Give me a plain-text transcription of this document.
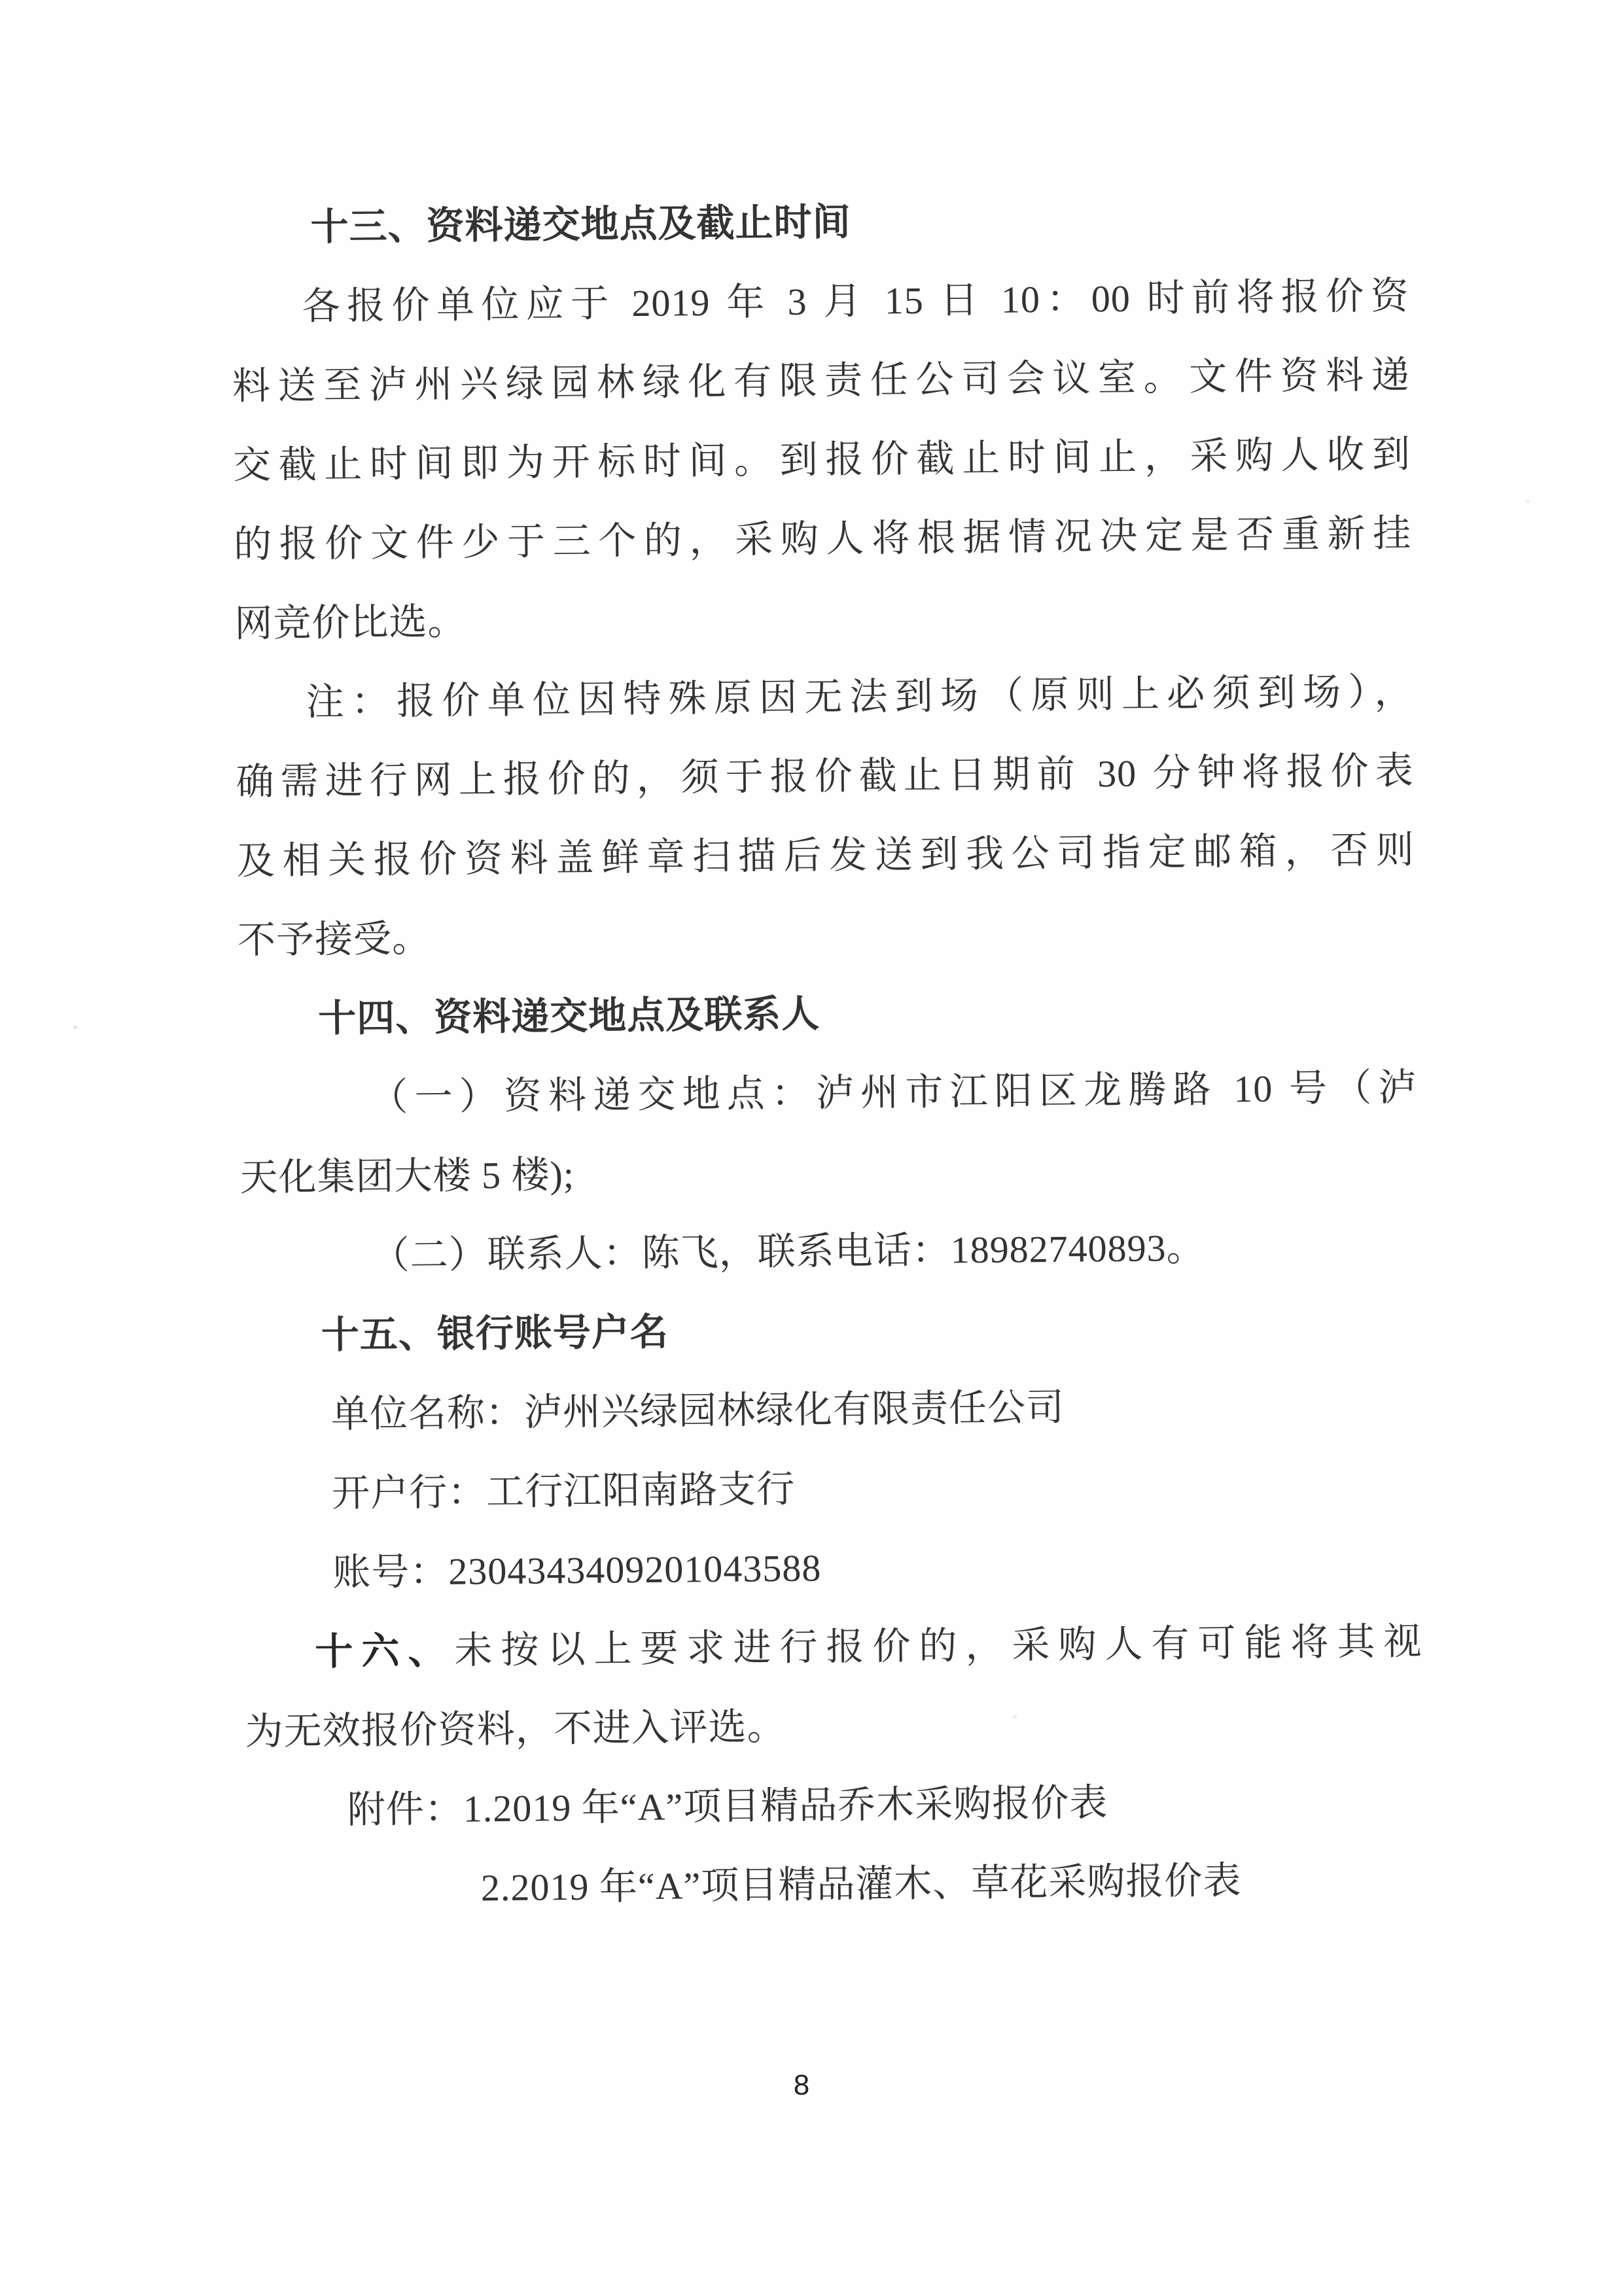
十三、资料递交地点及截止时间

各报价单位应于 2019 年 3 月 15 日 10：00 时前将报价资

料送至泸州兴绿园林绿化有限责任公司会议室。文件资料递

交截止时间即为开标时间。到报价截止时间止，采购人收到

的报价文件少于三个的，采购人将根据情况决定是否重新挂

网竞价比选。

注：报价单位因特殊原因无法到场（原则上必须到场），

确需进行网上报价的，须于报价截止日期前 30 分钟将报价表

及相关报价资料盖鲜章扫描后发送到我公司指定邮箱，否则

不予接受。

十四、资料递交地点及联系人

（一）资料递交地点：泸州市江阳区龙腾路 10 号（泸

天化集团大楼 5 楼);

（二）联系人：陈飞，联系电话：18982740893。

十五、银行账号户名

单位名称：泸州兴绿园林绿化有限责任公司

开户行：工行江阳南路支行

账号：2304343409201043588

十六、未按以上要求进行报价的，采购人有可能将其视

为无效报价资料，不进入评选。

附件：1.2019 年“A”项目精品乔木采购报价表

2.2019 年“A”项目精品灌木、草花采购报价表

8
